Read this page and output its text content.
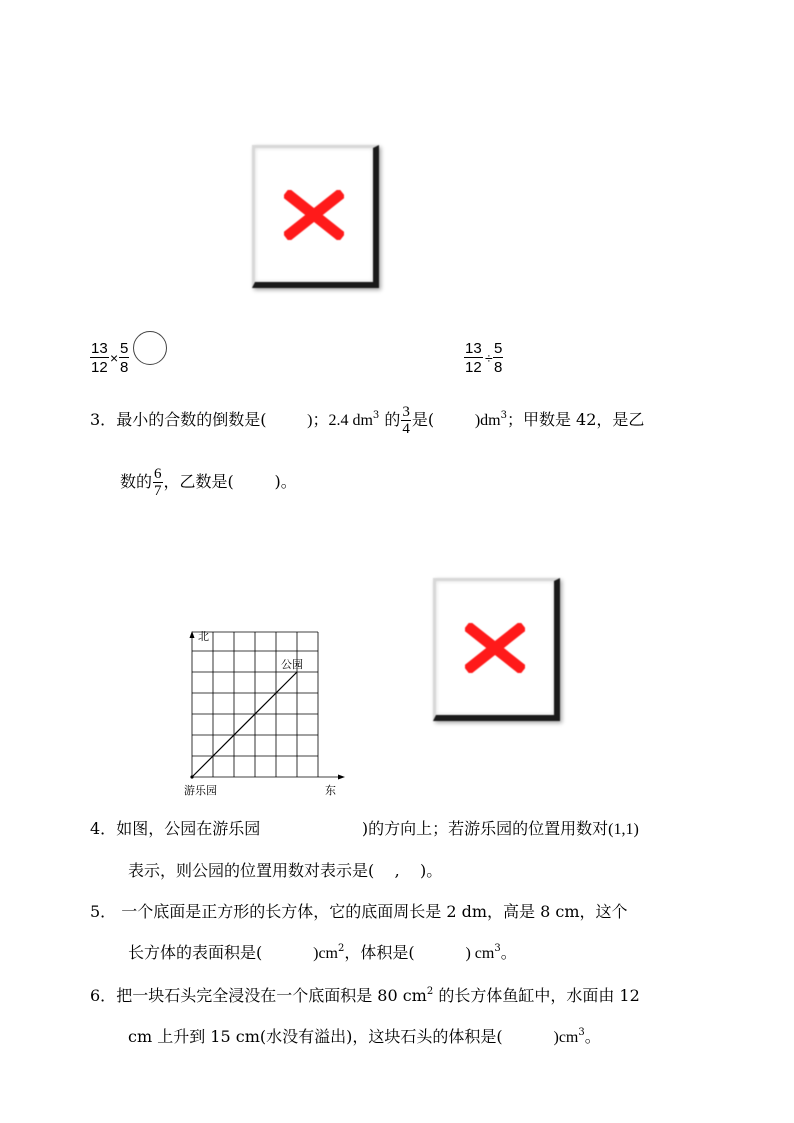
$\frac{13}{12} \times \frac{5}{8}$	$\frac{13}{12} \div \frac{5}{8}$
3．最小的合数的倒数是(	)；2.4 $dm^3$ 的 $\frac{3}{4}$ 是(	)$dm^3$；甲数是 42，是乙
数的 $\frac{6}{7}$ ，乙数是(	)。
北
东
公园
游乐园
4．如图，公园在游乐园	)的方向上；若游乐园的位置用数对(1,1)
表示，则公园的位置用数对表示是(    ,    )。
5． 一个底面是正方形的长方体，它的底面周长是 2 dm，高是 8 cm，这个
长方体的表面积是(	)$cm^2$，体积是(	) $cm^3$。
6．把一块石头完全浸没在一个底面积是 80 $cm^2$ 的长方体鱼缸中，水面由 12
cm 上升到 15 cm(水没有溢出)，这块石头的体积是(	)$cm^3$。
